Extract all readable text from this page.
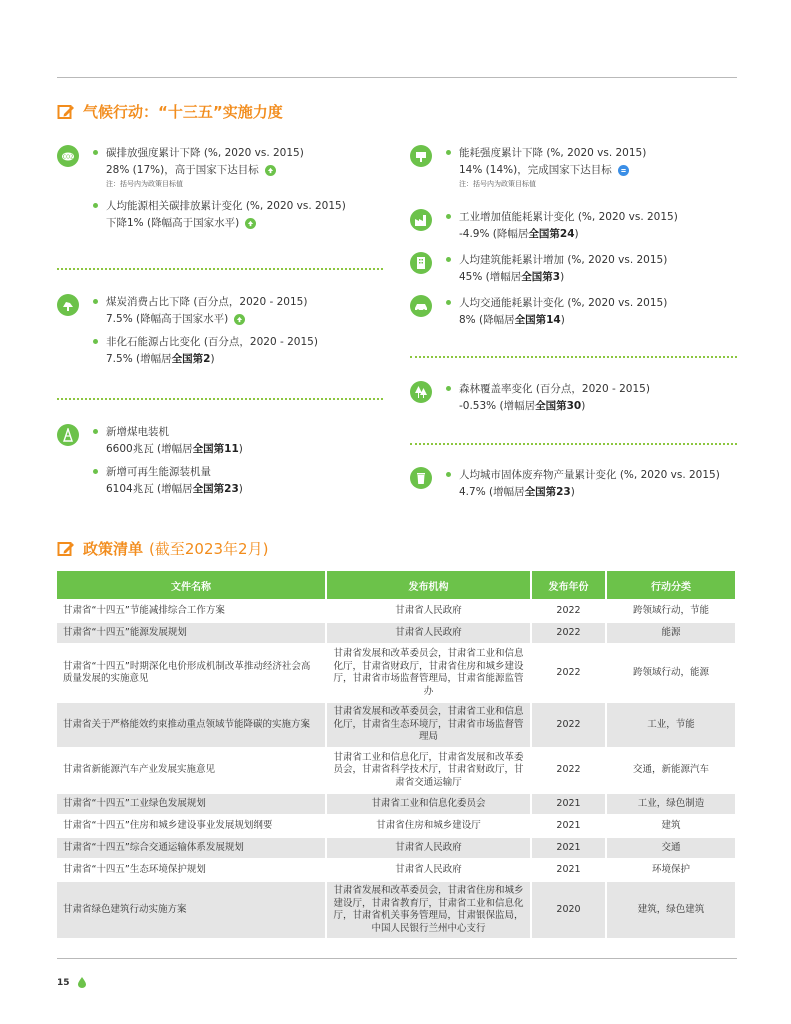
气候行动：“十三五”实施力度
CO2	碳排放强度累计下降 (%, 2020 vs. 2015)
28% (17%)，高于国家下达目标
注：括号内为政策目标值
人均能源相关碳排放累计变化 (%, 2020 vs. 2015)
下降1% (降幅高于国家水平)
煤炭消费占比下降 (百分点，2020 - 2015)
7.5% (降幅高于国家水平)
非化石能源占比变化 (百分点，2020 - 2015)
7.5% (增幅居 全国第2 )
新增煤电装机
6600兆瓦 (增幅居 全国第11 )
新增可再生能源装机量
6104兆瓦 (增幅居 全国第23 )
能耗强度累计下降 (%, 2020 vs. 2015)
14% (14%)，完成国家下达目标
注：括号内为政策目标值
工业增加值能耗累计变化 (%, 2020 vs. 2015)
-4.9% (降幅居 全国第24 )
人均建筑能耗累计增加 (%, 2020 vs. 2015)
45% (增幅居 全国第3 )
人均交通能耗累计变化 (%, 2020 vs. 2015)
8% (降幅居 全国第14 )
森林覆盖率变化 (百分点，2020 - 2015)
-0.53% (增幅居 全国第30 )
人均城市固体废弃物产量累计变化 (%, 2020 vs. 2015)
4.7% (增幅居 全国第23 )
政策清单 (截至2023年2月)
文件名称	发布机构	发布年份	行动分类
甘肃省“十四五”节能减排综合工作方案	甘肃省人民政府	2022	跨领域行动，节能
甘肃省“十四五”能源发展规划	甘肃省人民政府	2022	能源
甘肃省“十四五”时期深化电价形成机制改革推动经济社会高质量发展的实施意见	甘肃省发展和改革委员会，甘肃省工业和信息化厅，甘肃省财政厅，甘肃省住房和城乡建设厅，甘肃省市场监督管理局，甘肃省能源监管办	2022	跨领域行动，能源
甘肃省关于严格能效约束推动重点领域节能降碳的实施方案	甘肃省发展和改革委员会，甘肃省工业和信息化厅，甘肃省生态环境厅，甘肃省市场监督管理局	2022	工业，节能
甘肃省新能源汽车产业发展实施意见	甘肃省工业和信息化厅，甘肃省发展和改革委员会，甘肃省科学技术厅，甘肃省财政厅，甘肃省交通运输厅	2022	交通，新能源汽车
甘肃省“十四五”工业绿色发展规划	甘肃省工业和信息化委员会	2021	工业，绿色制造
甘肃省“十四五”住房和城乡建设事业发展规划纲要	甘肃省住房和城乡建设厅	2021	建筑
甘肃省“十四五”综合交通运输体系发展规划	甘肃省人民政府	2021	交通
甘肃省“十四五”生态环境保护规划	甘肃省人民政府	2021	环境保护
甘肃省绿色建筑行动实施方案	甘肃省发展和改革委员会，甘肃省住房和城乡建设厅，甘肃省教育厅，甘肃省工业和信息化厅，甘肃省机关事务管理局，甘肃银保监局，中国人民银行兰州中心支行	2020	建筑，绿色建筑
15
